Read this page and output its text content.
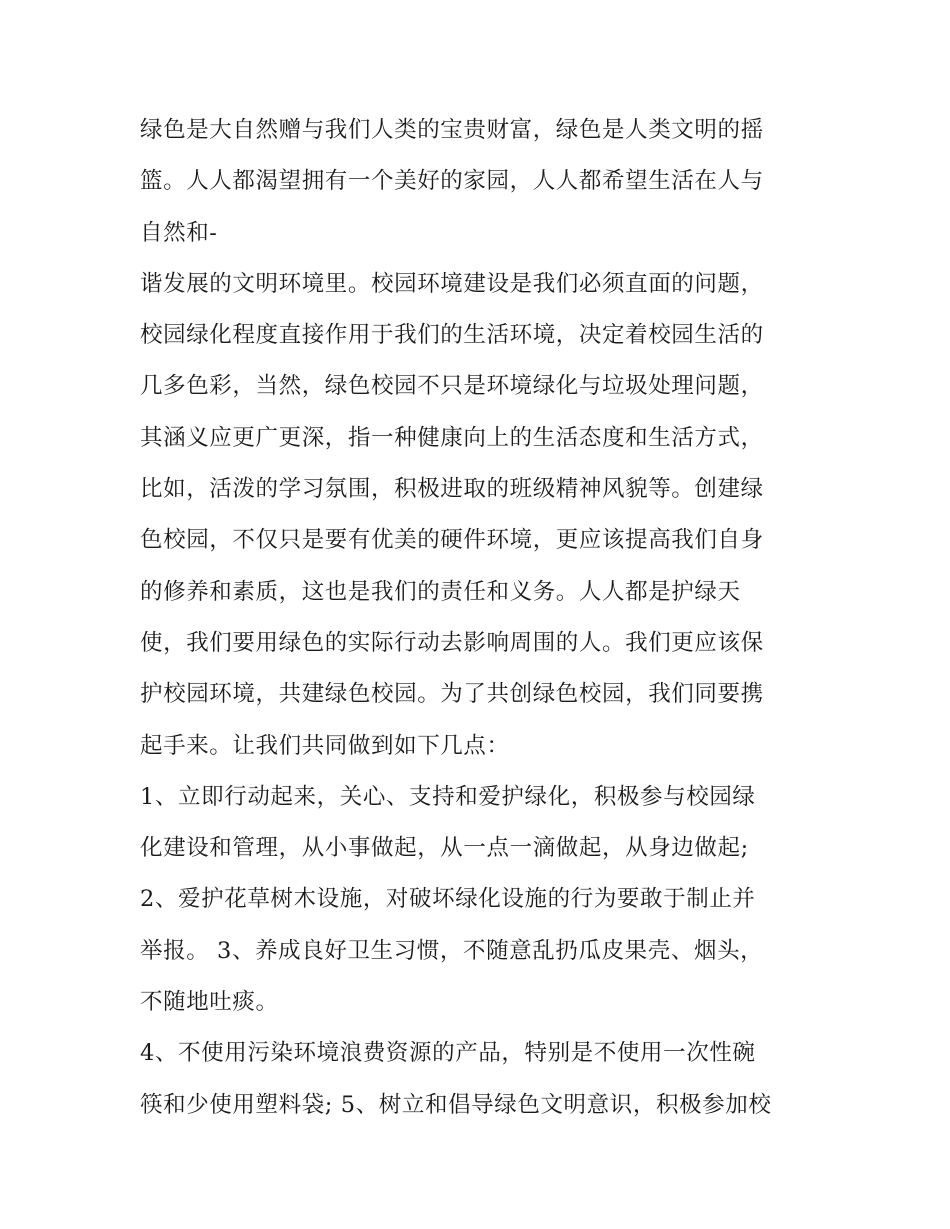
绿色是大自然赠与我们人类的宝贵财富，绿色是人类文明的摇
篮。人人都渴望拥有一个美好的家园，人人都希望生活在人与
自然和-
谐发展的文明环境里。校园环境建设是我们必须直面的问题，
校园绿化程度直接作用于我们的生活环境，决定着校园生活的
几多色彩，当然，绿色校园不只是环境绿化与垃圾处理问题，
其涵义应更广更深，指一种健康向上的生活态度和生活方式，
比如，活泼的学习氛围，积极进取的班级精神风貌等。创建绿
色校园，不仅只是要有优美的硬件环境，更应该提高我们自身
的修养和素质，这也是我们的责任和义务。人人都是护绿天
使，我们要用绿色的实际行动去影响周围的人。我们更应该保
护校园环境，共建绿色校园。为了共创绿色校园，我们同要携
起手来。让我们共同做到如下几点：
1、立即行动起来，关心、支持和爱护绿化，积极参与校园绿
化建设和管理，从小事做起，从一点一滴做起，从身边做起;
2、爱护花草树木设施，对破坏绿化设施的行为要敢于制止并
举报。 3、养成良好卫生习惯，不随意乱扔瓜皮果壳、烟头，
不随地吐痰。
4、不使用污染环境浪费资源的产品，特别是不使用一次性碗
筷和少使用塑料袋; 5、树立和倡导绿色文明意识，积极参加校
